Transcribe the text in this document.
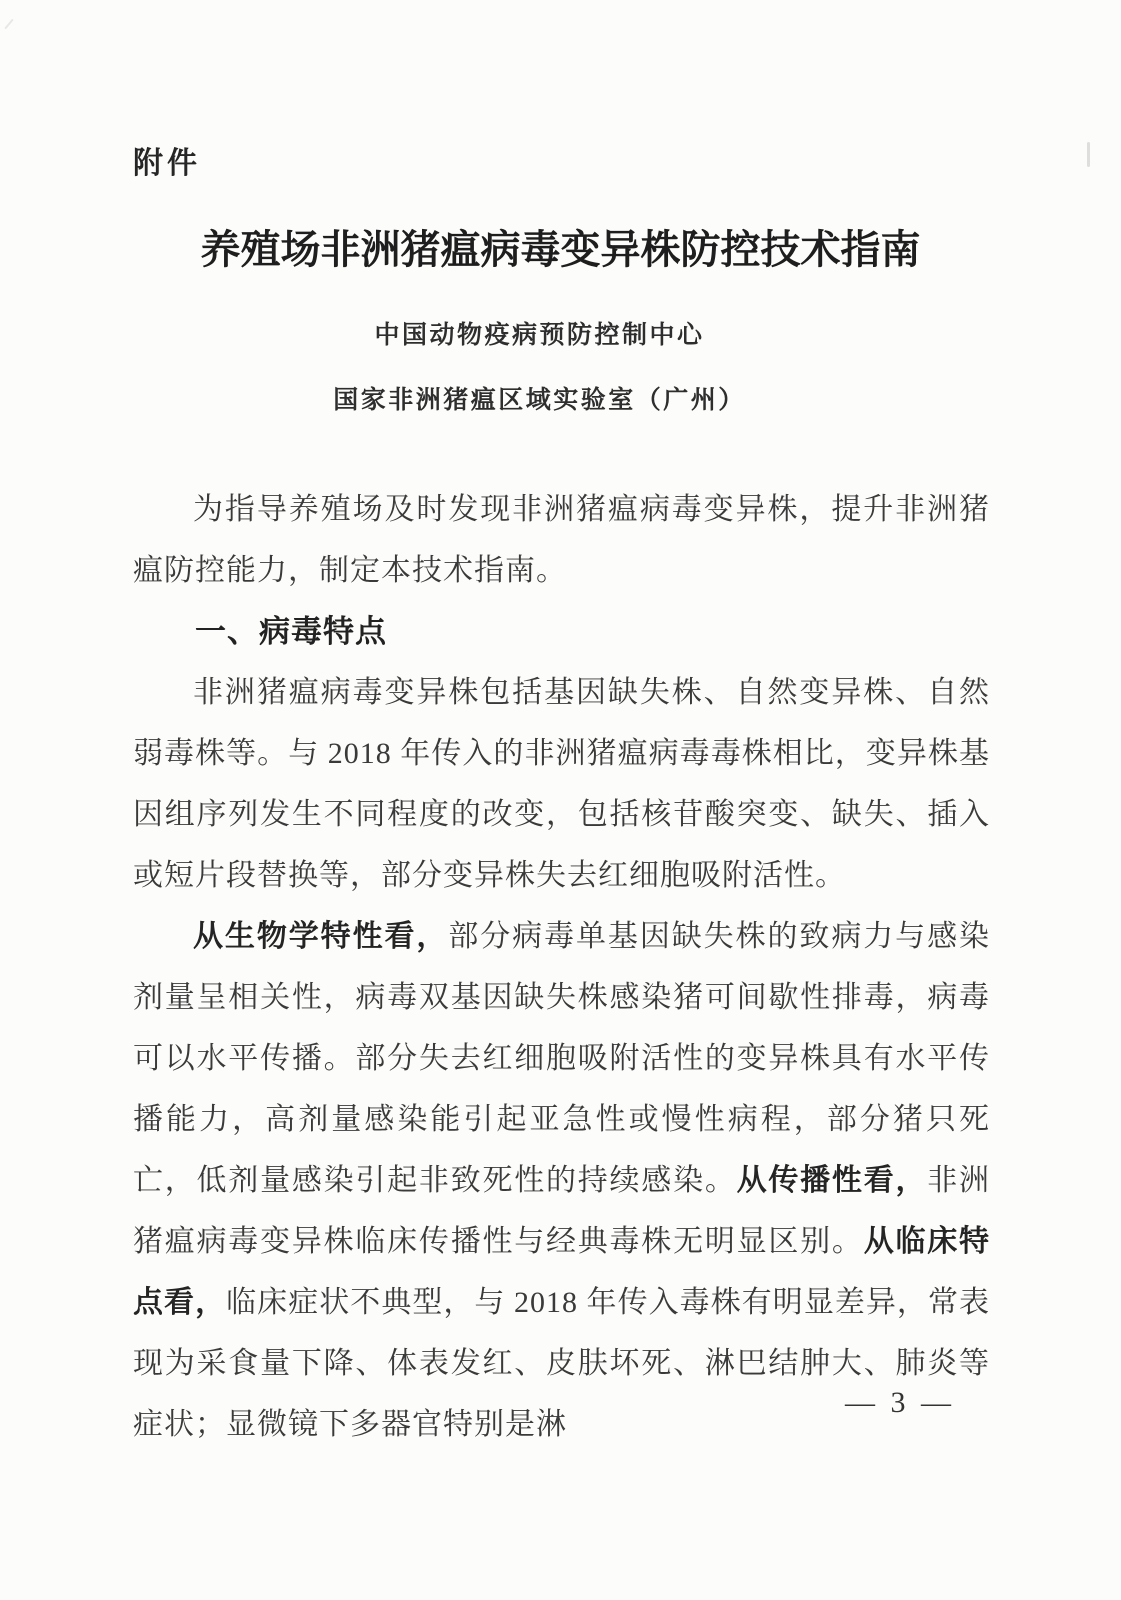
附件
养殖场非洲猪瘟病毒变异株防控技术指南
中国动物疫病预防控制中心
国家非洲猪瘟区域实验室（广州）

为指导养殖场及时发现非洲猪瘟病毒变异株，提升非洲猪瘟防控能力，制定本技术指南。

一、病毒特点

非洲猪瘟病毒变异株包括基因缺失株、自然变异株、自然弱毒株等。与 2018 年传入的非洲猪瘟病毒毒株相比，变异株基因组序列发生不同程度的改变，包括核苷酸突变、缺失、插入或短片段替换等，部分变异株失去红细胞吸附活性。

从生物学特性看，部分病毒单基因缺失株的致病力与感染剂量呈相关性，病毒双基因缺失株感染猪可间歇性排毒，病毒可以水平传播。部分失去红细胞吸附活性的变异株具有水平传播能力，高剂量感染能引起亚急性或慢性病程，部分猪只死亡，低剂量感染引起非致死性的持续感染。从传播性看，非洲猪瘟病毒变异株临床传播性与经典毒株无明显区别。从临床特点看，临床症状不典型，与 2018 年传入毒株有明显差异，常表现为采食量下降、体表发红、皮肤坏死、淋巴结肿大、肺炎等症状；显微镜下多器官特别是淋

— 3 —
